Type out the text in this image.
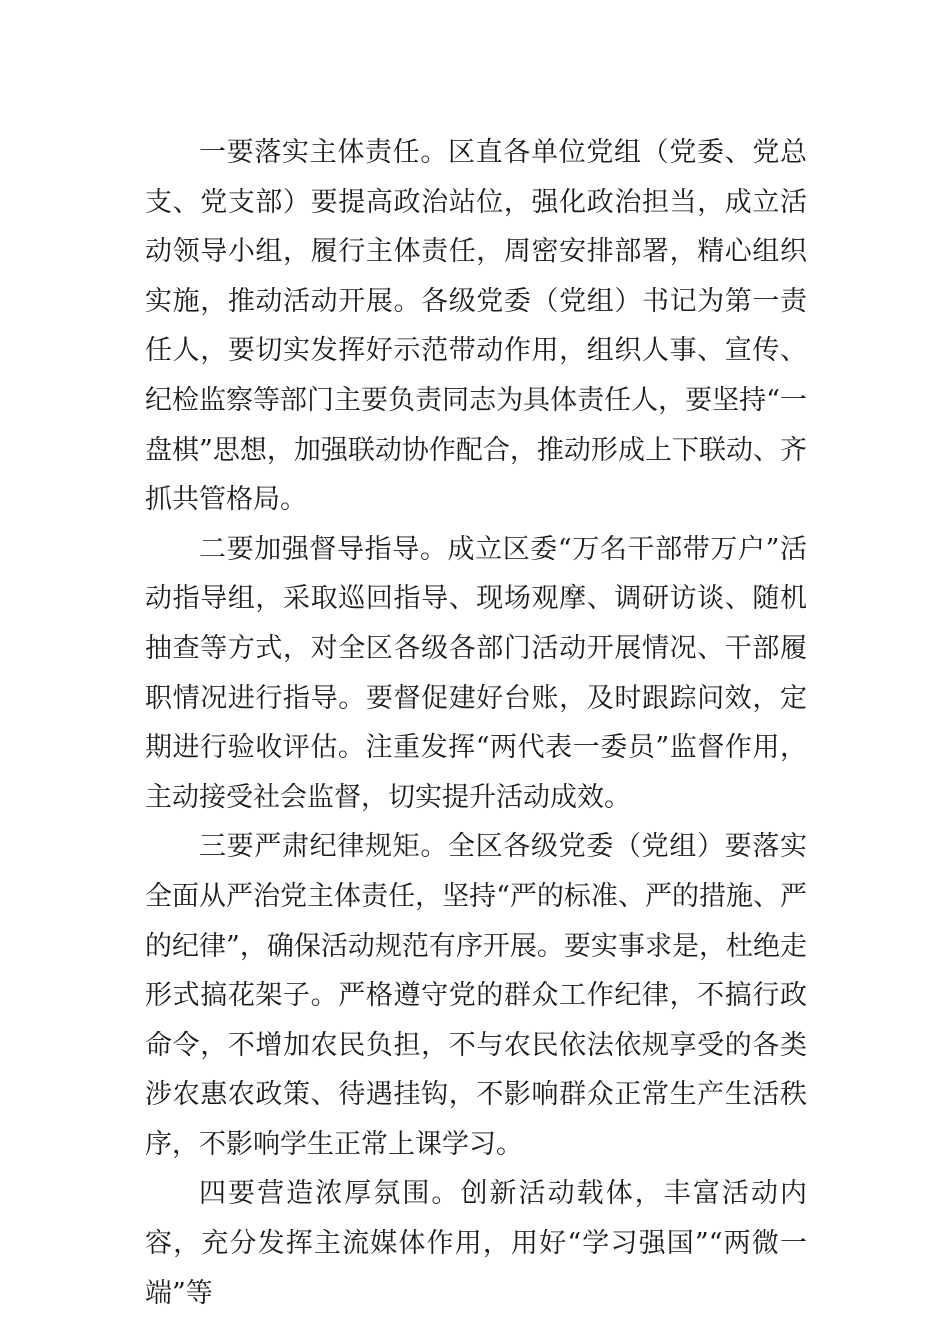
一要落实主体责任。区直各单位党组（党委、党总支、党支部）要提高政治站位，强化政治担当，成立活动领导小组，履行主体责任，周密安排部署，精心组织实施，推动活动开展。各级党委（党组）书记为第一责任人，要切实发挥好示范带动作用，组织人事、宣传、纪检监察等部门主要负责同志为具体责任人，要坚持“一盘棋”思想，加强联动协作配合，推动形成上下联动、齐抓共管格局。

二要加强督导指导。成立区委“万名干部带万户”活动指导组，采取巡回指导、现场观摩、调研访谈、随机抽查等方式，对全区各级各部门活动开展情况、干部履职情况进行指导。要督促建好台账，及时跟踪问效，定期进行验收评估。注重发挥“两代表一委员”监督作用，主动接受社会监督，切实提升活动成效。

三要严肃纪律规矩。全区各级党委（党组）要落实全面从严治党主体责任，坚持“严的标准、严的措施、严的纪律”，确保活动规范有序开展。要实事求是，杜绝走形式搞花架子。严格遵守党的群众工作纪律，不搞行政命令，不增加农民负担，不与农民依法依规享受的各类涉农惠农政策、待遇挂钩，不影响群众正常生产生活秩序，不影响学生正常上课学习。

四要营造浓厚氛围。创新活动载体，丰富活动内容，充分发挥主流媒体作用，用好“学习强国”“两微一端”等
